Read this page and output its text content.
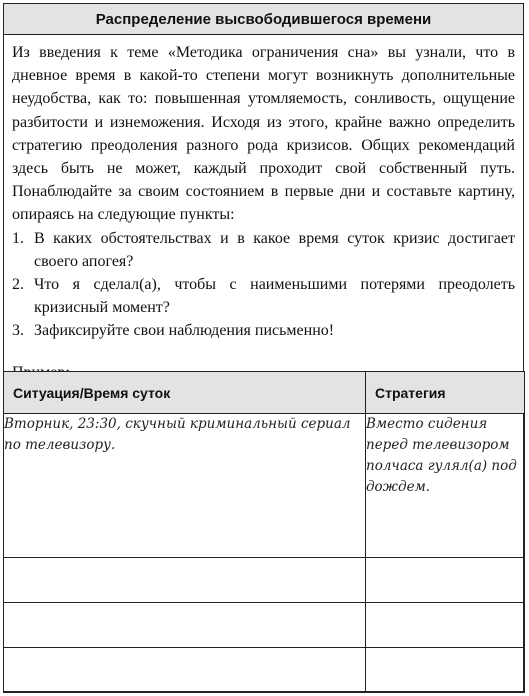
Распределение высвободившегося времени

Из введения к теме «Методика ограничения сна» вы узнали, что в дневное время в какой-то степени могут возникнуть дополнительные неудобства, как то: повышенная утомляемость, сонливость, ощущение разбитости и изнеможения. Исходя из этого, крайне важно определить стратегию преодоления разного рода кризисов. Общих рекомендаций здесь быть не может, каждый проходит свой собственный путь. Понаблюдайте за своим состоянием в первые дни и составьте картину, опираясь на следующие пункты:

1. В каких обстоятельствах и в какое время суток кризис достигает своего апогея?
2. Что я сделал(а), чтобы с наименьшими потерями преодолеть кризисный момент?
3. Зафиксируйте свои наблюдения письменно!

Ситуация/Время суток	Стратегия
Вторник, 23:30, скучный криминальный сериал по телевизору.	Вместо сидения перед телевизором полчаса гулял(а) под дождем.
